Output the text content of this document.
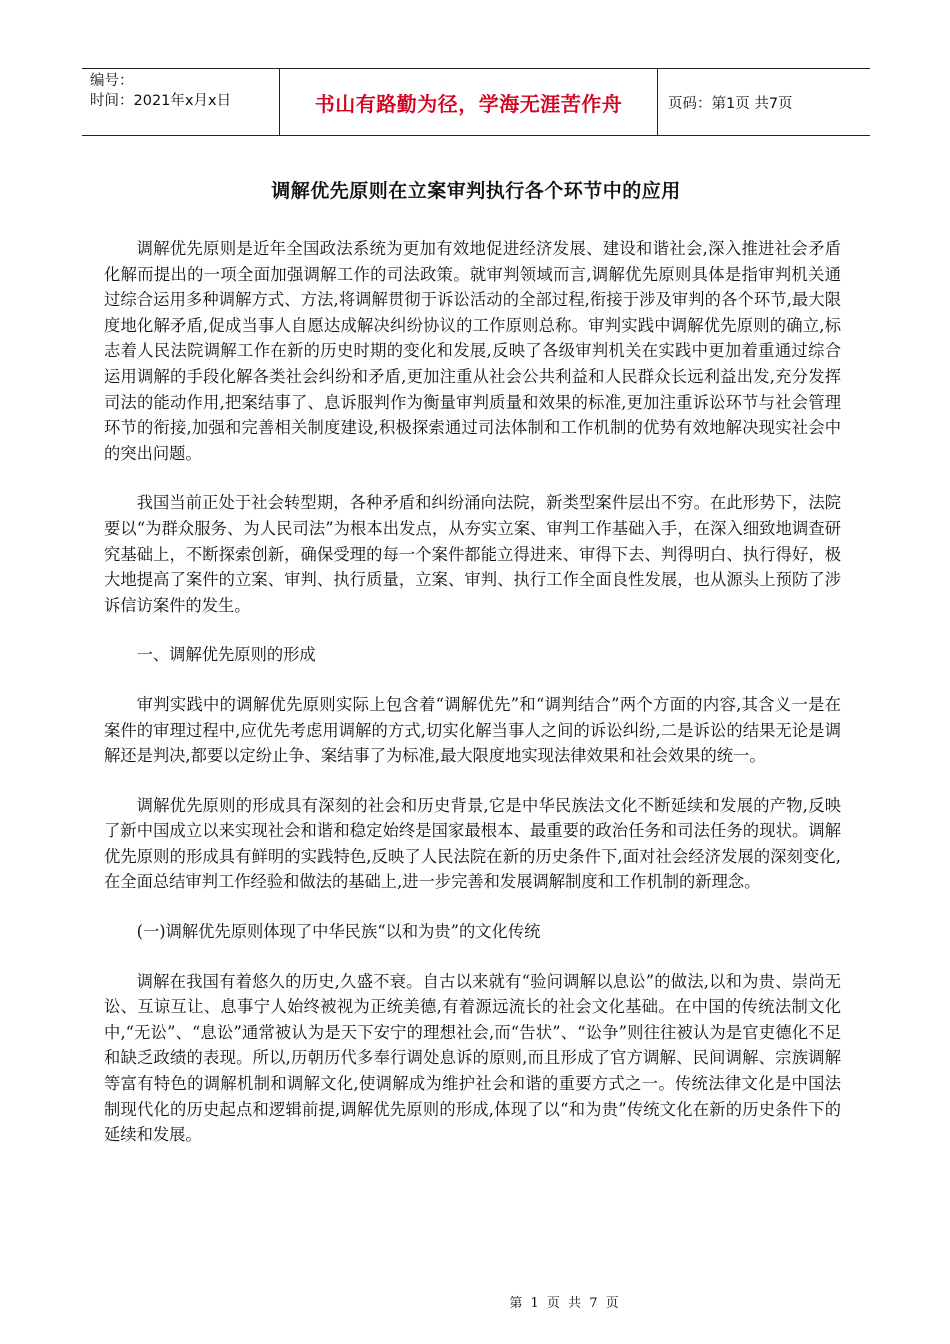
编号：
时间：2021年x月x日	书山有路勤为径，学海无涯苦作舟	页码：第1页 共7页
调解优先原则在立案审判执行各个环节中的应用

调解优先原则是近年全国政法系统为更加有效地促进经济发展、建设和谐社会,深入推进社会矛盾化解而提出的一项全面加强调解工作的司法政策。就审判领域而言,调解优先原则具体是指审判机关通过综合运用多种调解方式、方法,将调解贯彻于诉讼活动的全部过程,衔接于涉及审判的各个环节,最大限度地化解矛盾,促成当事人自愿达成解决纠纷协议的工作原则总称。审判实践中调解优先原则的确立,标志着人民法院调解工作在新的历史时期的变化和发展,反映了各级审判机关在实践中更加着重通过综合运用调解的手段化解各类社会纠纷和矛盾,更加注重从社会公共利益和人民群众长远利益出发,充分发挥司法的能动作用,把案结事了、息诉服判作为衡量审判质量和效果的标准,更加注重诉讼环节与社会管理环节的衔接,加强和完善相关制度建设,积极探索通过司法体制和工作机制的优势有效地解决现实社会中的突出问题。

我国当前正处于社会转型期，各种矛盾和纠纷涌向法院，新类型案件层出不穷。在此形势下，法院要以“为群众服务、为人民司法”为根本出发点，从夯实立案、审判工作基础入手，在深入细致地调查研究基础上，不断探索创新，确保受理的每一个案件都能立得进来、审得下去、判得明白、执行得好，极大地提高了案件的立案、审判、执行质量，立案、审判、执行工作全面良性发展，也从源头上预防了涉诉信访案件的发生。

一、调解优先原则的形成

审判实践中的调解优先原则实际上包含着“调解优先”和“调判结合”两个方面的内容,其含义一是在案件的审理过程中,应优先考虑用调解的方式,切实化解当事人之间的诉讼纠纷,二是诉讼的结果无论是调解还是判决,都要以定纷止争、案结事了为标准,最大限度地实现法律效果和社会效果的统一。

调解优先原则的形成具有深刻的社会和历史背景,它是中华民族法文化不断延续和发展的产物,反映了新中国成立以来实现社会和谐和稳定始终是国家最根本、最重要的政治任务和司法任务的现状。调解优先原则的形成具有鲜明的实践特色,反映了人民法院在新的历史条件下,面对社会经济发展的深刻变化,在全面总结审判工作经验和做法的基础上,进一步完善和发展调解制度和工作机制的新理念。

(一)调解优先原则体现了中华民族“以和为贵”的文化传统

调解在我国有着悠久的历史,久盛不衰。自古以来就有“验问调解以息讼”的做法,以和为贵、崇尚无讼、互谅互让、息事宁人始终被视为正统美德,有着源远流长的社会文化基础。在中国的传统法制文化中,“无讼”、“息讼”通常被认为是天下安宁的理想社会,而“告状”、“讼争”则往往被认为是官吏德化不足和缺乏政绩的表现。所以,历朝历代多奉行调处息诉的原则,而且形成了官方调解、民间调解、宗族调解等富有特色的调解机制和调解文化,使调解成为维护社会和谐的重要方式之一。传统法律文化是中国法制现代化的历史起点和逻辑前提,调解优先原则的形成,体现了以“和为贵”传统文化在新的历史条件下的延续和发展。

第 1 页 共 7 页
